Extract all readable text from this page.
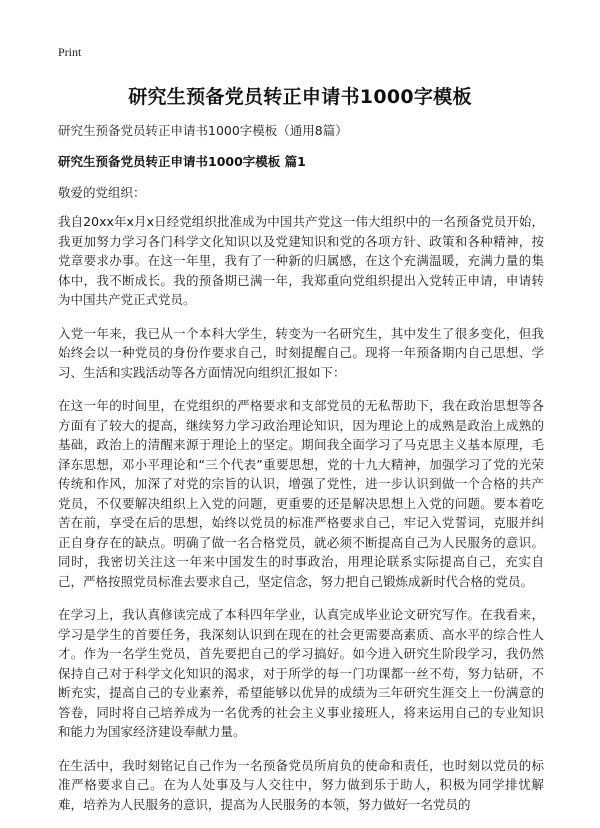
Print
研究生预备党员转正申请书1000字模板
研究生预备党员转正申请书1000字模板（通用8篇）
研究生预备党员转正申请书1000字模板 篇1
敬爱的党组织：

我自20xx年x月x日经党组织批准成为中国共产党这一伟大组织中的一名预备党员开始，我更加努力学习各门科学文化知识以及党建知识和党的各项方针、政策和各种精神，按党章要求办事。在这一年里，我有了一种新的归属感，在这个充满温暖，充满力量的集体中，我不断成长。我的预备期已满一年，我郑重向党组织提出入党转正申请，申请转为中国共产党正式党员。

入党一年来，我已从一个本科大学生，转变为一名研究生，其中发生了很多变化，但我始终会以一种党员的身份作要求自己，时刻提醒自己。现将一年预备期内自己思想、学习、生活和实践活动等各方面情况向组织汇报如下：

在这一年的时间里，在党组织的严格要求和支部党员的无私帮助下，我在政治思想等各方面有了较大的提高，继续努力学习政治理论知识，因为理论上的成熟是政治上成熟的基础，政治上的清醒来源于理论上的坚定。期间我全面学习了马克思主义基本原理，毛泽东思想，邓小平理论和“三个代表”重要思想，党的十九大精神，加强学习了党的光荣传统和作风，加深了对党的宗旨的认识，增强了党性，进一步认识到做一个合格的共产党员，不仅要解决组织上入党的问题，更重要的还是解决思想上入党的问题。要本着吃苦在前，享受在后的思想，始终以党员的标准严格要求自己，牢记入党誓词，克服并纠正自身存在的缺点。明确了做一名合格党员，就必须不断提高自己为人民服务的意识。同时，我密切关注这一年来中国发生的时事政治，用理论联系实际提高自己，充实自己，严格按照党员标准去要求自己，坚定信念，努力把自己锻炼成新时代合格的党员。

在学习上，我认真修读完成了本科四年学业，认真完成毕业论文研究写作。在我看来，学习是学生的首要任务，我深刻认识到在现在的社会更需要高素质、高水平的综合性人才。作为一名学生党员，首先要把自己的学习搞好。如今进入研究生阶段学习，我仍然保持自己对于科学文化知识的渴求，对于所学的每一门功课都一丝不苟，努力钻研，不断充实，提高自己的专业素养，希望能够以优异的成绩为三年研究生涯交上一份满意的答卷，同时将自己培养成为一名优秀的社会主义事业接班人，将来运用自己的专业知识和能力为国家经济建设奉献力量。

在生活中，我时刻铭记自己作为一名预备党员所肩负的使命和责任，也时刻以党员的标准严格要求自己。在为人处事及与人交往中，努力做到乐于助人，积极为同学排忧解难，培养为人民服务的意识，提高为人民服务的本领，努力做好一名党员的
